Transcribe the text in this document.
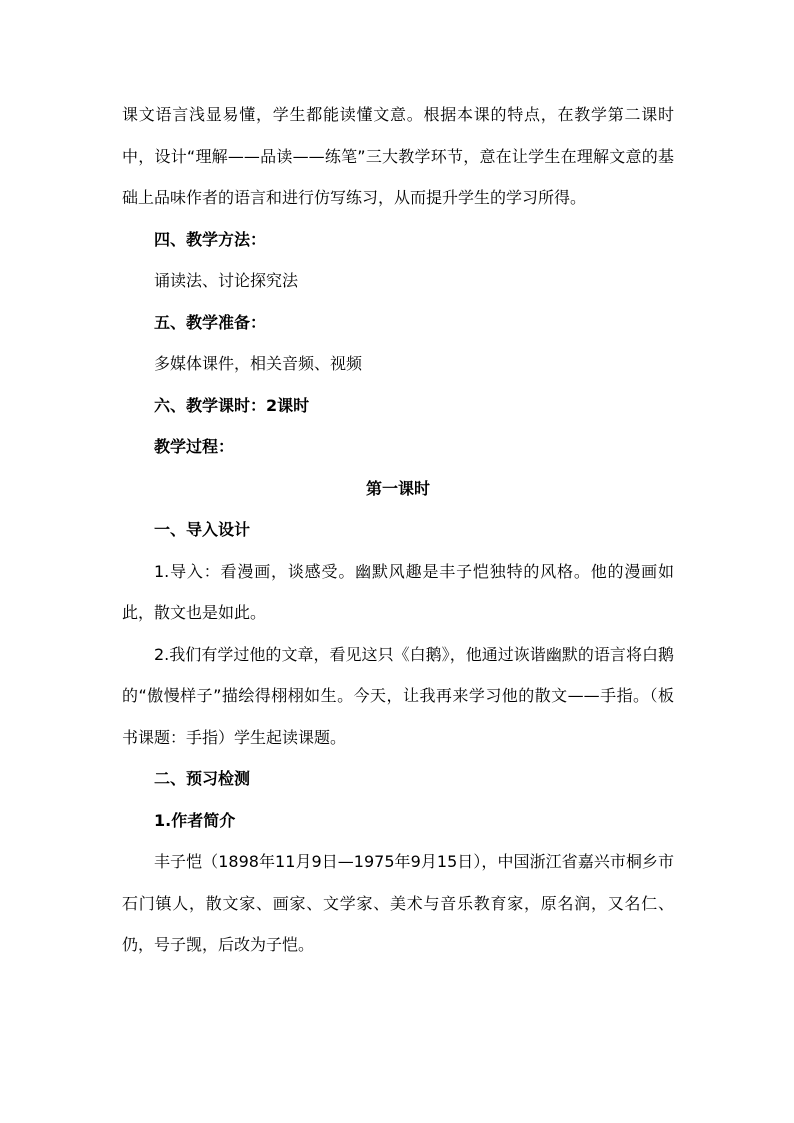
课文语言浅显易懂，学生都能读懂文意。根据本课的特点，在教学第二课时中，设计“理解——品读——练笔”三大教学环节，意在让学生在理解文意的基础上品味作者的语言和进行仿写练习，从而提升学生的学习所得。

四、教学方法：

诵读法、讨论探究法

五、教学准备：

多媒体课件，相关音频、视频

六、教学课时：2课时

教学过程：

第一课时

一、导入设计

1.导入：看漫画，谈感受。幽默风趣是丰子恺独特的风格。他的漫画如此，散文也是如此。

2.我们有学过他的文章，看见这只《白鹅》，他通过诙谐幽默的语言将白鹅的“傲慢样子”描绘得栩栩如生。今天，让我再来学习他的散文——手指。（板书课题：手指）学生起读课题。

二、预习检测

1.作者简介

丰子恺（1898年11月9日—1975年9月15日），中国浙江省嘉兴市桐乡市石门镇人，散文家、画家、文学家、美术与音乐教育家，原名润，又名仁、仍，号子觊，后改为子恺。
